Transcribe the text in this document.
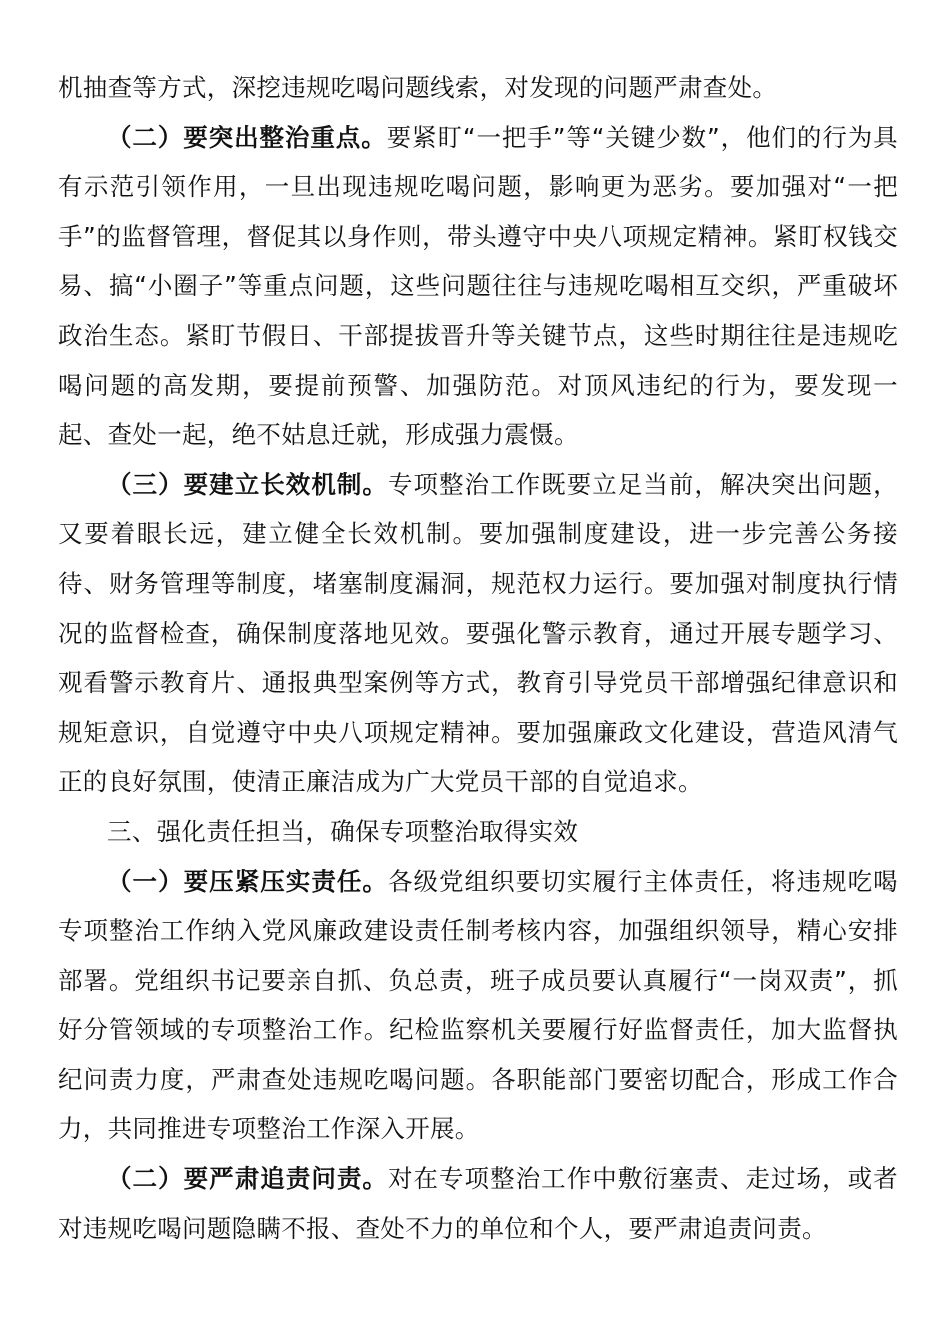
机抽查等方式，深挖违规吃喝问题线索，对发现的问题严肃查处。

（二）要突出整治重点。要紧盯“一把手”等“关键少数”，他们的行为具有示范引领作用，一旦出现违规吃喝问题，影响更为恶劣。要加强对“一把手”的监督管理，督促其以身作则，带头遵守中央八项规定精神。紧盯权钱交易、搞“小圈子”等重点问题，这些问题往往与违规吃喝相互交织，严重破坏政治生态。紧盯节假日、干部提拔晋升等关键节点，这些时期往往是违规吃喝问题的高发期，要提前预警、加强防范。对顶风违纪的行为，要发现一起、查处一起，绝不姑息迁就，形成强力震慑。

（三）要建立长效机制。专项整治工作既要立足当前，解决突出问题，又要着眼长远，建立健全长效机制。要加强制度建设，进一步完善公务接待、财务管理等制度，堵塞制度漏洞，规范权力运行。要加强对制度执行情况的监督检查，确保制度落地见效。要强化警示教育，通过开展专题学习、观看警示教育片、通报典型案例等方式，教育引导党员干部增强纪律意识和规矩意识，自觉遵守中央八项规定精神。要加强廉政文化建设，营造风清气正的良好氛围，使清正廉洁成为广大党员干部的自觉追求。

三、强化责任担当，确保专项整治取得实效

（一）要压紧压实责任。各级党组织要切实履行主体责任，将违规吃喝专项整治工作纳入党风廉政建设责任制考核内容，加强组织领导，精心安排部署。党组织书记要亲自抓、负总责，班子成员要认真履行“一岗双责”，抓好分管领域的专项整治工作。纪检监察机关要履行好监督责任，加大监督执纪问责力度，严肃查处违规吃喝问题。各职能部门要密切配合，形成工作合力，共同推进专项整治工作深入开展。

（二）要严肃追责问责。对在专项整治工作中敷衍塞责、走过场，或者对违规吃喝问题隐瞒不报、查处不力的单位和个人，要严肃追责问责。
